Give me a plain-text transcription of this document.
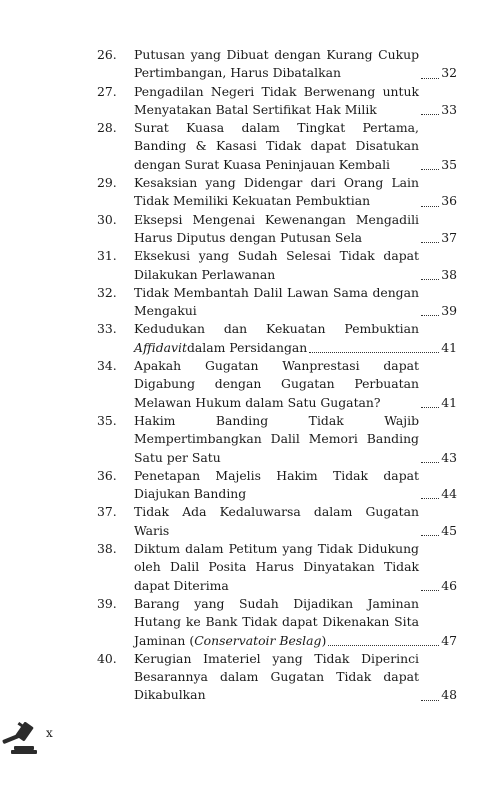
26.	Putusan yang Dibuat dengan Kurang Cukup Pertimbangan, Harus Dibatalkan	32
27.	Pengadilan Negeri Tidak Berwenang untuk Menyatakan Batal Sertifikat Hak Milik	33
28.	Surat Kuasa dalam Tingkat Pertama, Banding & Kasasi Tidak dapat Disatukan dengan Surat Kuasa Peninjauan Kembali	35
29.	Kesaksian yang Didengar dari Orang Lain Tidak Memiliki Kekuatan Pembuktian	36
30.	Eksepsi Mengenai Kewenangan Mengadili Harus Diputus dengan Putusan Sela	37
31.	Eksekusi yang Sudah Selesai Tidak dapat Dilakukan Perlawanan	38
32.	Tidak Membantah Dalil Lawan Sama dengan Mengakui	39
33.	Kedudukan dan Kekuatan Pembuktian Affidavitdalam Persidangan	41
34.	Apakah Gugatan Wanprestasi dapat Digabung dengan Gugatan Perbuatan Melawan Hukum dalam Satu Gugatan?	41
35.	Hakim Banding Tidak Wajib Mempertimbangkan Dalil Memori Banding Satu per Satu	43
36.	Penetapan Majelis Hakim Tidak dapat Diajukan Banding	44
37.	Tidak Ada Kedaluwarsa dalam Gugatan Waris	45
38.	Diktum dalam Petitum yang Tidak Didukung oleh Dalil Posita Harus Dinyatakan Tidak dapat Diterima	46
39.	Barang yang Sudah Dijadikan Jaminan Hutang ke Bank Tidak dapat Dikenakan Sita Jaminan (Conservatoir Beslag)	47
40.	Kerugian Imateriel yang Tidak Diperinci Besarannya dalam Gugatan Tidak dapat Dikabulkan	48
x
